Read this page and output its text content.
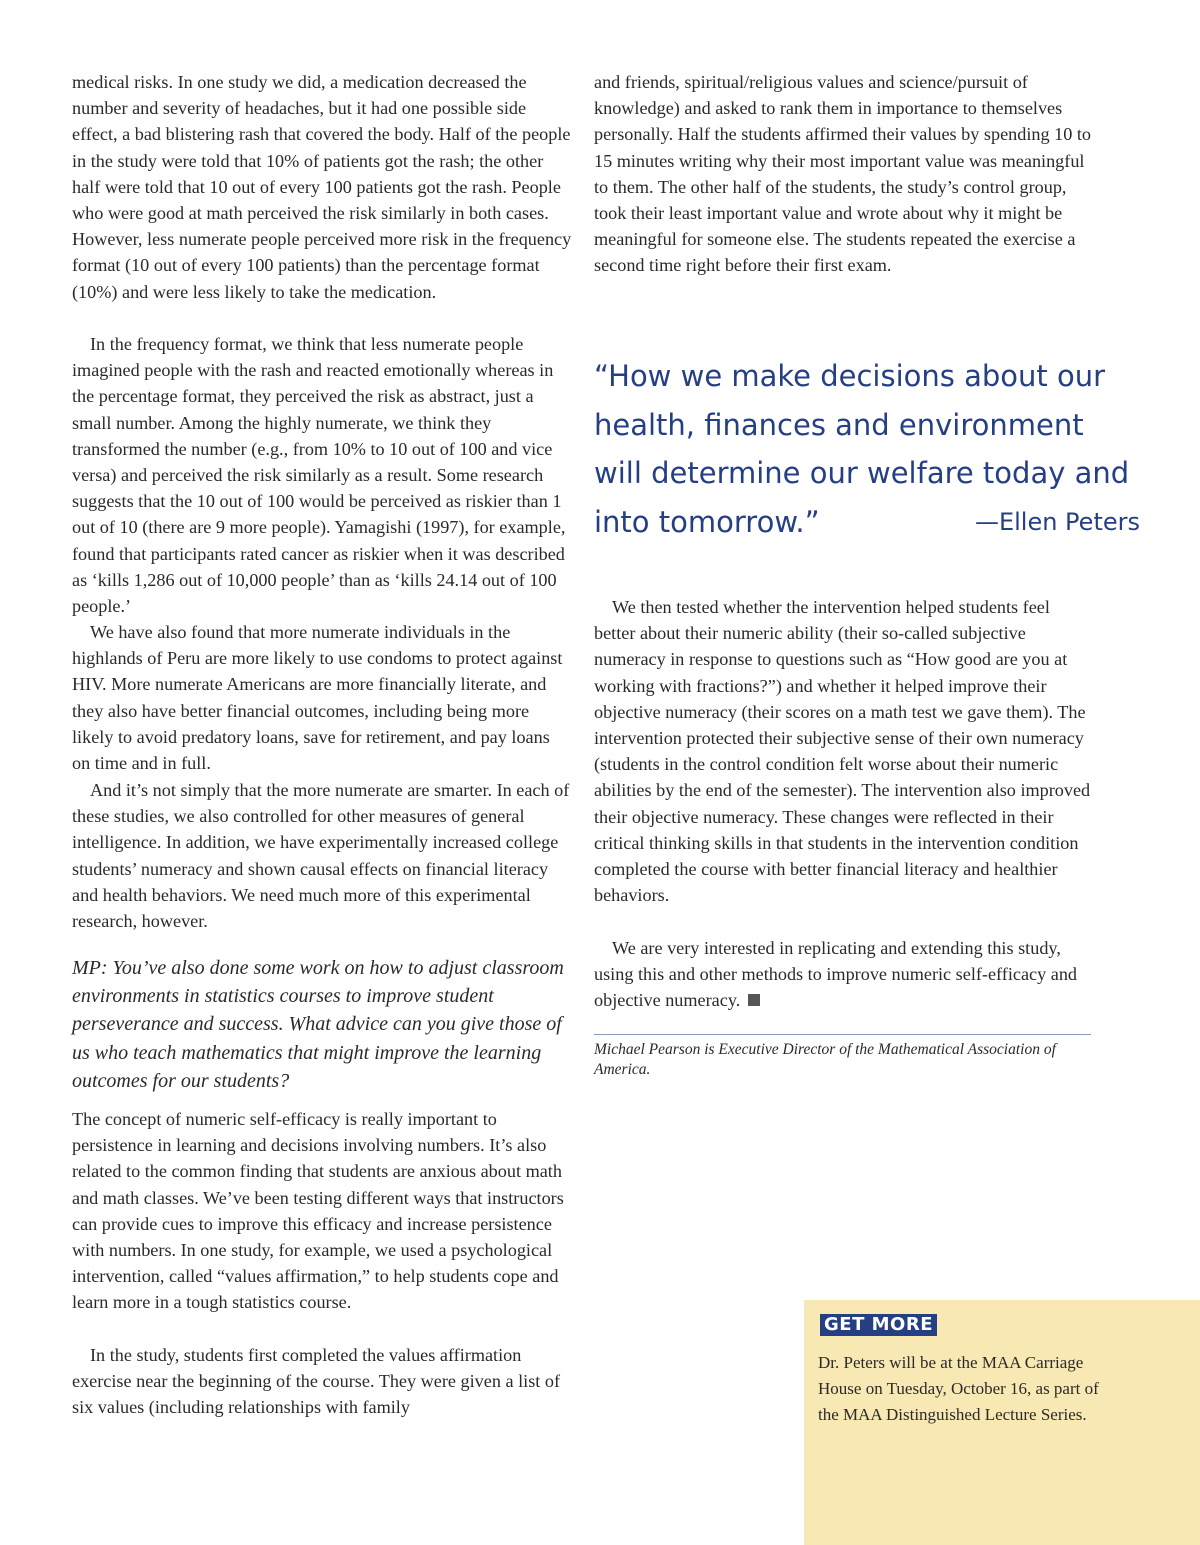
medical risks. In one study we did, a medication decreased the number and severity of headaches, but it had one possible side effect, a bad blistering rash that covered the body. Half of the people in the study were told that 10% of patients got the rash; the other half were told that 10 out of every 100 patients got the rash. People who were good at math perceived the risk similarly in both cases. However, less numerate people perceived more risk in the frequency format (10 out of every 100 patients) than the percentage format (10%) and were less likely to take the medication.

In the frequency format, we think that less numerate people imagined people with the rash and reacted emotionally whereas in the percentage format, they perceived the risk as abstract, just a small number. Among the highly numerate, we think they transformed the number (e.g., from 10% to 10 out of 100 and vice versa) and perceived the risk similarly as a result. Some research suggests that the 10 out of 100 would be perceived as riskier than 1 out of 10 (there are 9 more people). Yamagishi (1997), for example, found that participants rated cancer as riskier when it was described as ‘kills 1,286 out of 10,000 people’ than as ‘kills 24.14 out of 100 people.’

We have also found that more numerate individuals in the highlands of Peru are more likely to use condoms to protect against HIV. More numerate Americans are more financially literate, and they also have better financial outcomes, including being more likely to avoid predatory loans, save for retirement, and pay loans on time and in full.

And it’s not simply that the more numerate are smarter. In each of these studies, we also controlled for other measures of general intelligence. In addition, we have experimentally increased college students’ numeracy and shown causal effects on financial literacy and health behaviors. We need much more of this experimental research, however.

MP: You’ve also done some work on how to adjust classroom environments in statistics courses to improve student perseverance and success. What advice can you give those of us who teach mathematics that might improve the learning outcomes for our students?

The concept of numeric self-efficacy is really important to persistence in learning and decisions involving numbers. It’s also related to the common finding that students are anxious about math and math classes. We’ve been testing different ways that instructors can provide cues to improve this efficacy and increase persistence with numbers. In one study, for example, we used a psychological intervention, called “values affirmation,” to help students cope and learn more in a tough statistics course.

In the study, students first completed the values affirmation exercise near the beginning of the course. They were given a list of six values (including relationships with family

and friends, spiritual/religious values and science/pursuit of knowledge) and asked to rank them in importance to themselves personally. Half the students affirmed their values by spending 10 to 15 minutes writing why their most important value was meaningful to them. The other half of the students, the study’s control group, took their least important value and wrote about why it might be meaningful for someone else. The students repeated the exercise a second time right before their first exam.

We then tested whether the intervention helped students feel better about their numeric ability (their so-called subjective numeracy in response to questions such as “How good are you at working with fractions?”) and whether it helped improve their objective numeracy (their scores on a math test we gave them). The intervention protected their subjective sense of their own numeracy (students in the control condition felt worse about their numeric abilities by the end of the semester). The intervention also improved their objective numeracy. These changes were reflected in their critical thinking skills in that students in the intervention condition completed the course with better financial literacy and healthier behaviors.

We are very interested in replicating and extending this study, using this and other methods to improve numeric self-efficacy and objective numeracy.

“How we make decisions about our
health, finances and environment
will determine our welfare today and
into tomorrow.”	—Ellen Peters

Michael Pearson is Executive Director of the Mathematical Association of America.

GET MORE

Dr. Peters will be at the MAA Carriage House on Tuesday, October 16, as part of the MAA Distinguished Lecture Series.
